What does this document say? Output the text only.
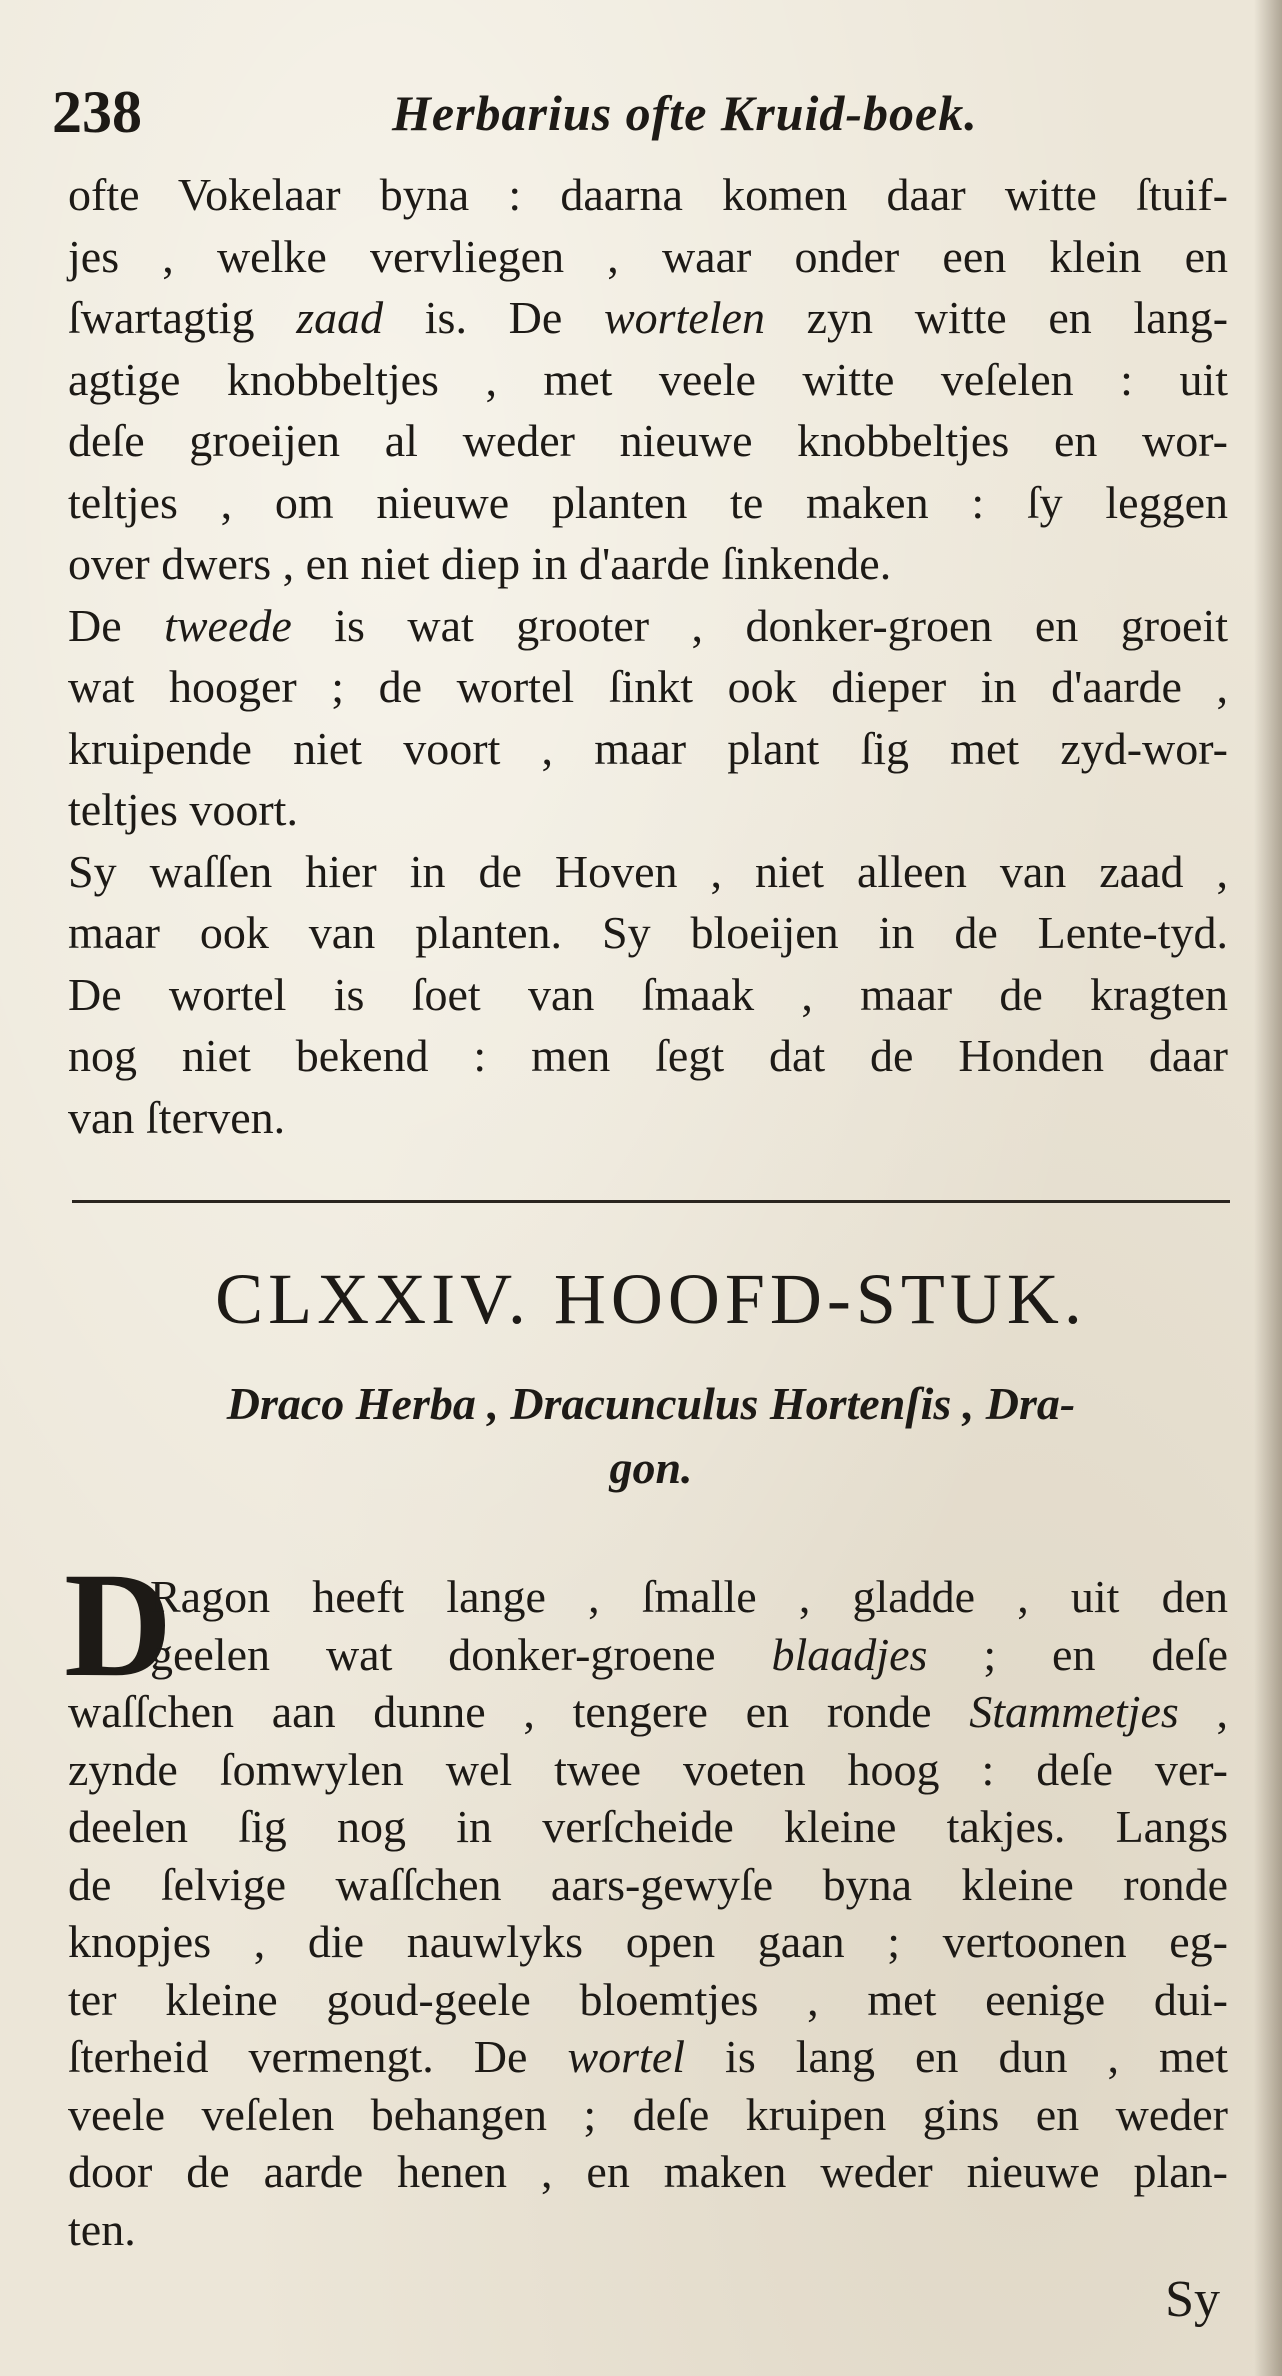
238	Herbarius ofte Kruid-boek.
ofte Vokelaar byna : daarna komen daar witte ſtuif-
jes , welke vervliegen , waar onder een klein en
ſwartagtig zaad is. De wortelen zyn witte en lang-
agtige knobbeltjes , met veele witte veſelen : uit
deſe groeijen al weder nieuwe knobbeltjes en wor-
teltjes , om nieuwe planten te maken : ſy leggen
over dwers , en niet diep in d'aarde ſinkende.
De tweede is wat grooter , donker-groen en groeit
wat hooger ; de wortel ſinkt ook dieper in d'aarde ,
kruipende niet voort , maar plant ſig met zyd-wor-
teltjes voort.
Sy waſſen hier in de Hoven , niet alleen van zaad ,
maar ook van planten. Sy bloeijen in de Lente-tyd.
De wortel is ſoet van ſmaak , maar de kragten
nog niet bekend : men ſegt dat de Honden daar
van ſterven.
CLXXIV. HOOFD-STUK.
Draco Herba , Dracunculus Hortenſis , Dra-
gon.
D
Ragon heeft lange , ſmalle , gladde , uit den
geelen wat donker-groene blaadjes ; en deſe
waſſchen aan dunne , tengere en ronde Stammetjes ,
zynde ſomwylen wel twee voeten hoog : deſe ver-
deelen ſig nog in verſcheide kleine takjes. Langs
de ſelvige waſſchen aars-gewyſe byna kleine ronde
knopjes , die nauwlyks open gaan ; vertoonen eg-
ter kleine goud-geele bloemtjes , met eenige dui-
ſterheid vermengt. De wortel is lang en dun , met
veele veſelen behangen ; deſe kruipen gins en weder
door de aarde henen , en maken weder nieuwe plan-
ten.
Sy
